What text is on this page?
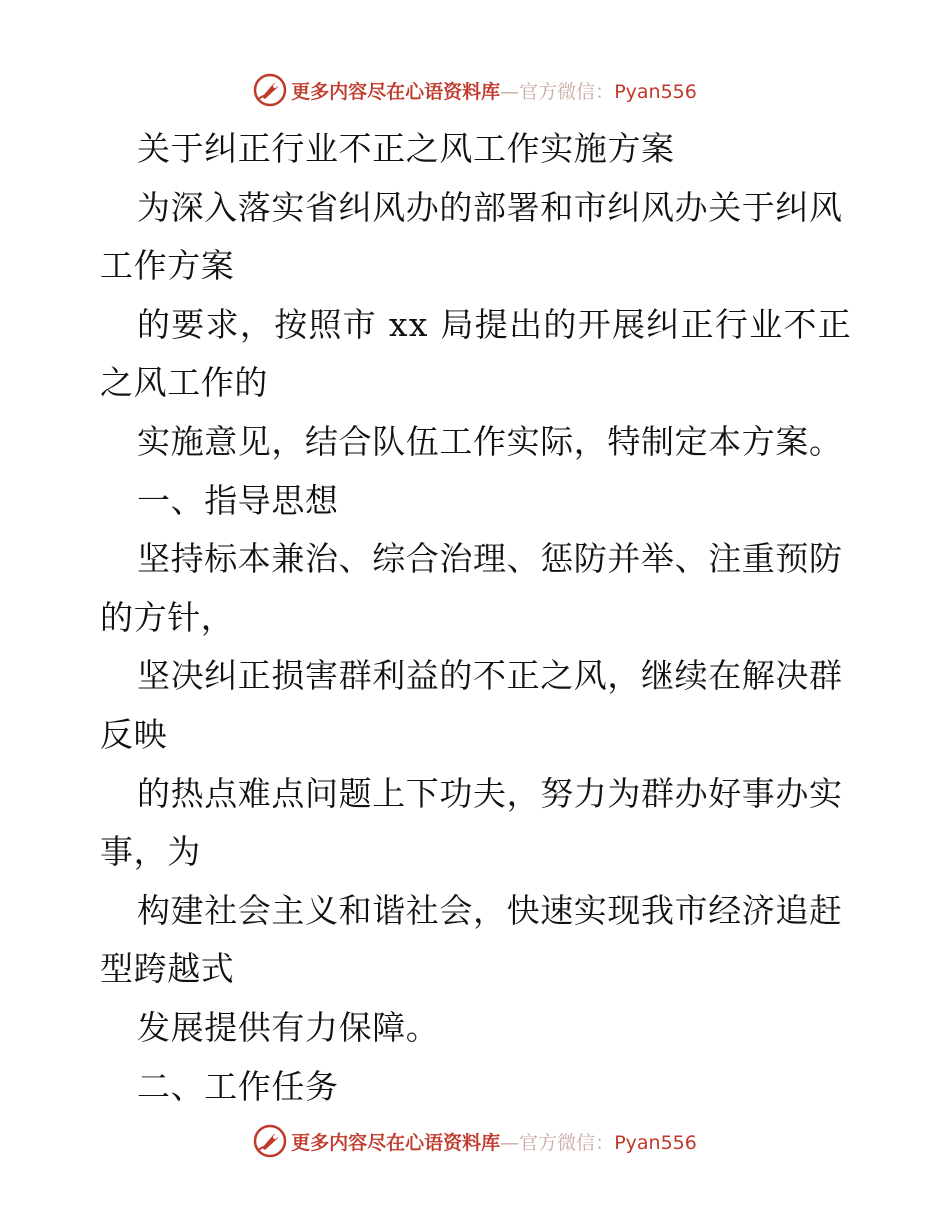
更多内容尽在心语资料库—官方微信：Pyan556
关于纠正行业不正之风工作实施方案
为深入落实省纠风办的部署和市纠风办关于纠风
工作方案
的要求，按照市 xx 局提出的开展纠正行业不正
之风工作的
实施意见，结合队伍工作实际，特制定本方案。
一、指导思想
坚持标本兼治、综合治理、惩防并举、注重预防
的方针，
坚决纠正损害群利益的不正之风，继续在解决群
反映
的热点难点问题上下功夫，努力为群办好事办实
事，为
构建社会主义和谐社会，快速实现我市经济追赶
型跨越式
发展提供有力保障。
二、工作任务
更多内容尽在心语资料库—官方微信：Pyan556
